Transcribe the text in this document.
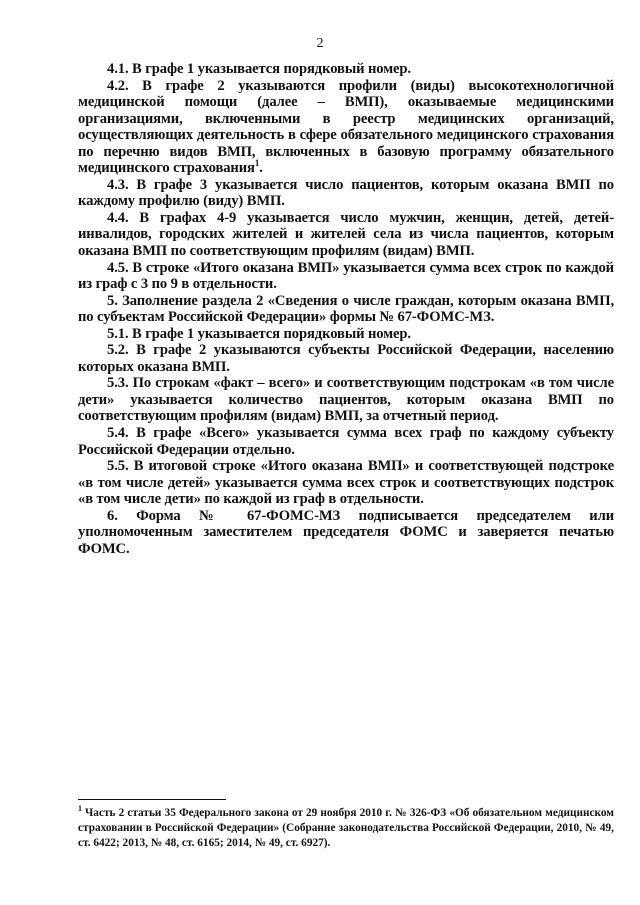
2

4.1. В графе 1 указывается порядковый номер.

4.2. В графе 2 указываются профили (виды) высокотехнологичной медицинской помощи (далее – ВМП), оказываемые медицинскими организациями, включенными в реестр медицинских организаций, осуществляющих деятельность в сфере обязательного медицинского страхования по перечню видов ВМП, включенных в базовую программу обязательного медицинского страхования$^1$.

4.3. В графе 3 указывается число пациентов, которым оказана ВМП по каждому профилю (виду) ВМП.

4.4. В графах 4-9 указывается число мужчин, женщин, детей, детей-инвалидов, городских жителей и жителей села из числа пациентов, которым оказана ВМП по соответствующим профилям (видам) ВМП.

4.5. В строке «Итого оказана ВМП» указывается сумма всех строк по каждой из граф с 3 по 9 в отдельности.

5. Заполнение раздела 2 «Сведения о числе граждан, которым оказана ВМП, по субъектам Российской Федерации» формы № 67-ФОМС-МЗ.

5.1. В графе 1 указывается порядковый номер.

5.2. В графе 2 указываются субъекты Российской Федерации, населению которых оказана ВМП.

5.3. По строкам «факт – всего» и соответствующим подстрокам «в том числе дети» указывается количество пациентов, которым оказана ВМП по соответствующим профилям (видам) ВМП, за отчетный период.

5.4. В графе «Всего» указывается сумма всех граф по каждому субъекту Российской Федерации отдельно.

5.5. В итоговой строке «Итого оказана ВМП» и соответствующей подстроке «в том числе детей» указывается сумма всех строк и соответствующих подстрок «в том числе дети» по каждой из граф в отдельности.

6. Форма № 67-ФОМС-МЗ подписывается председателем или уполномоченным заместителем председателя ФОМС и заверяется печатью ФОМС.

$^1$ Часть 2 статьи 35 Федерального закона от 29 ноября 2010 г. № 326-ФЗ «Об обязательном медицинском страховании в Российской Федерации» (Собрание законодательства Российской Федерации, 2010, № 49, ст. 6422; 2013, № 48, ст. 6165; 2014, № 49, ст. 6927).
